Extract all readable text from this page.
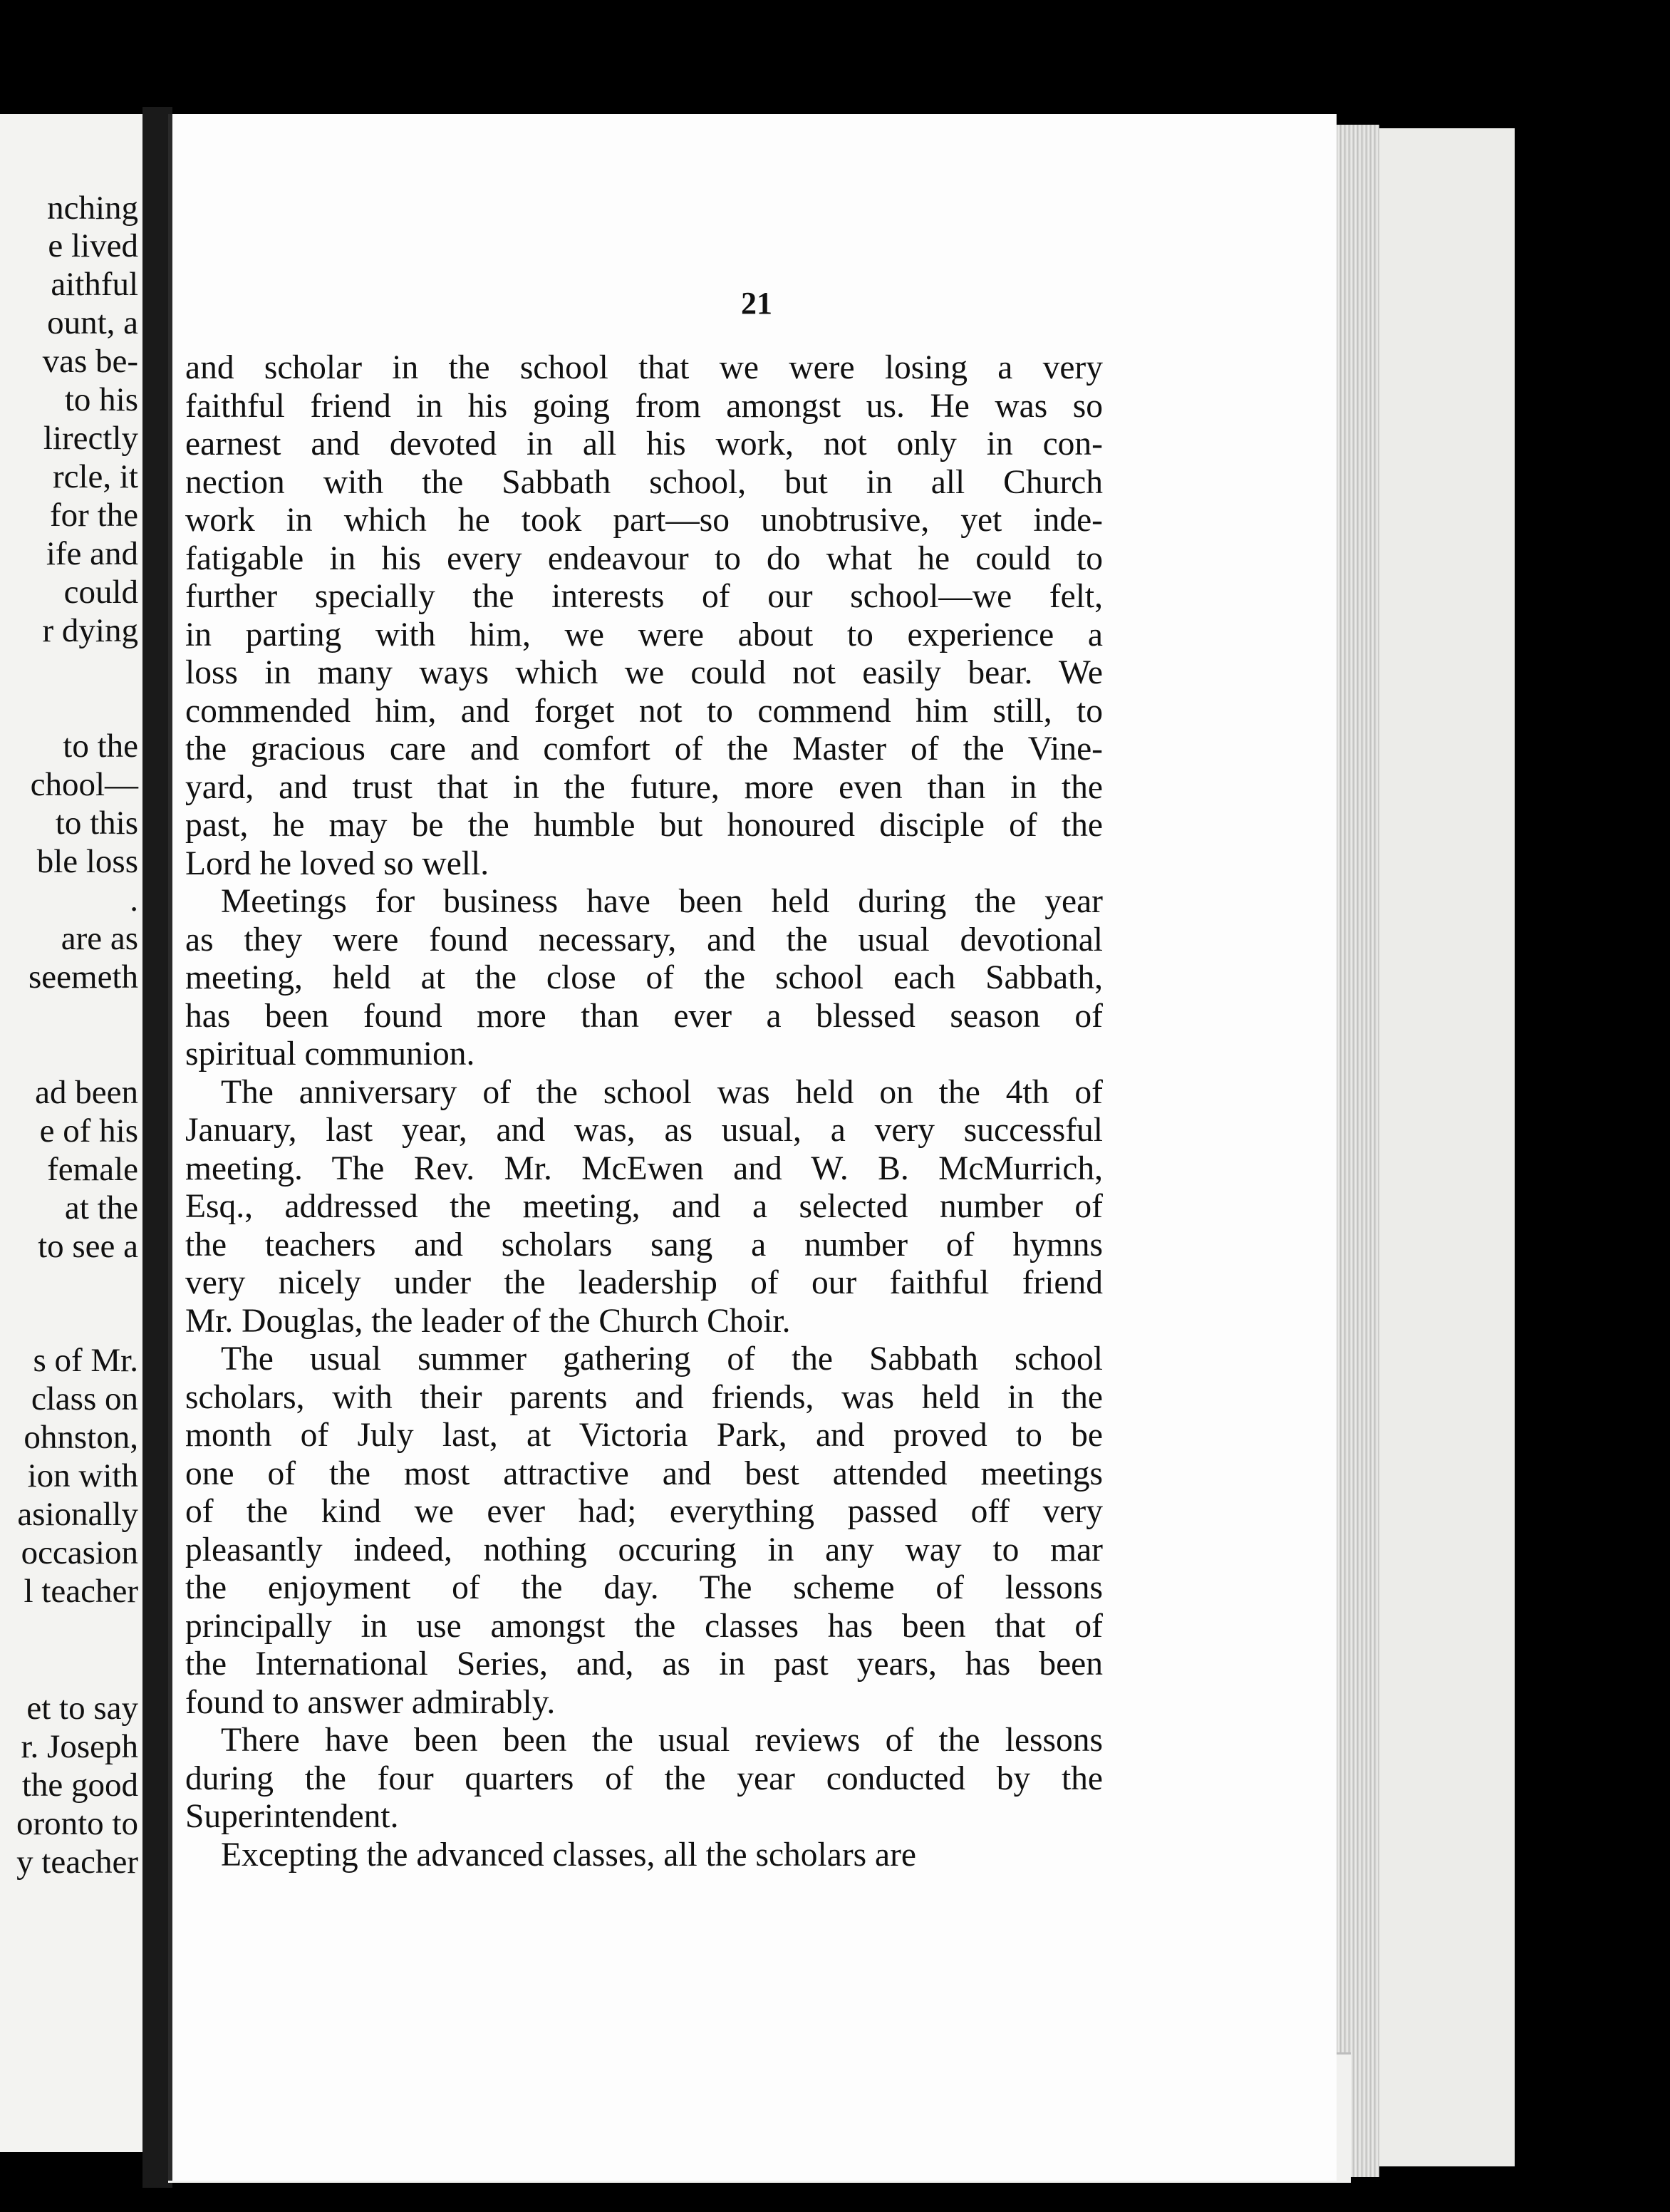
nching
e lived
aithful
ount, a
vas be-
to his
lirectly
rcle, it
for the
ife and
could
r dying
to the
chool—
to this
ble loss
.
are as
seemeth
ad been
e of his
female
at the
to see a
s of Mr.
class on
ohnston,
ion with
asionally
occasion
l teacher
et to say
r. Joseph
the good
oronto to
y teacher
21

and scholar in the school that we were losing a very
faithful friend in his going from amongst us. He was so
earnest and devoted in all his work, not only in con-
nection with the Sabbath school, but in all Church
work in which he took part—so unobtrusive, yet inde-
fatigable in his every endeavour to do what he could to
further specially the interests of our school—we felt,
in parting with him, we were about to experience a
loss in many ways which we could not easily bear. We
commended him, and forget not to commend him still, to
the gracious care and comfort of the Master of the Vine-
yard, and trust that in the future, more even than in the
past, he may be the humble but honoured disciple of the
Lord he loved so well.

Meetings for business have been held during the year
as they were found necessary, and the usual devotional
meeting, held at the close of the school each Sabbath,
has been found more than ever a blessed season of
spiritual communion.

The anniversary of the school was held on the 4th of
January, last year, and was, as usual, a very successful
meeting. The Rev. Mr. McEwen and W. B. McMurrich,
Esq., addressed the meeting, and a selected number of
the teachers and scholars sang a number of hymns
very nicely under the leadership of our faithful friend
Mr. Douglas, the leader of the Church Choir.

The usual summer gathering of the Sabbath school
scholars, with their parents and friends, was held in the
month of July last, at Victoria Park, and proved to be
one of the most attractive and best attended meetings
of the kind we ever had; everything passed off very
pleasantly indeed, nothing occuring in any way to mar
the enjoyment of the day. The scheme of lessons
principally in use amongst the classes has been that of
the International Series, and, as in past years, has been
found to answer admirably.

There have been been the usual reviews of the lessons
during the four quarters of the year conducted by the
Superintendent.

Excepting the advanced classes, all the scholars are
